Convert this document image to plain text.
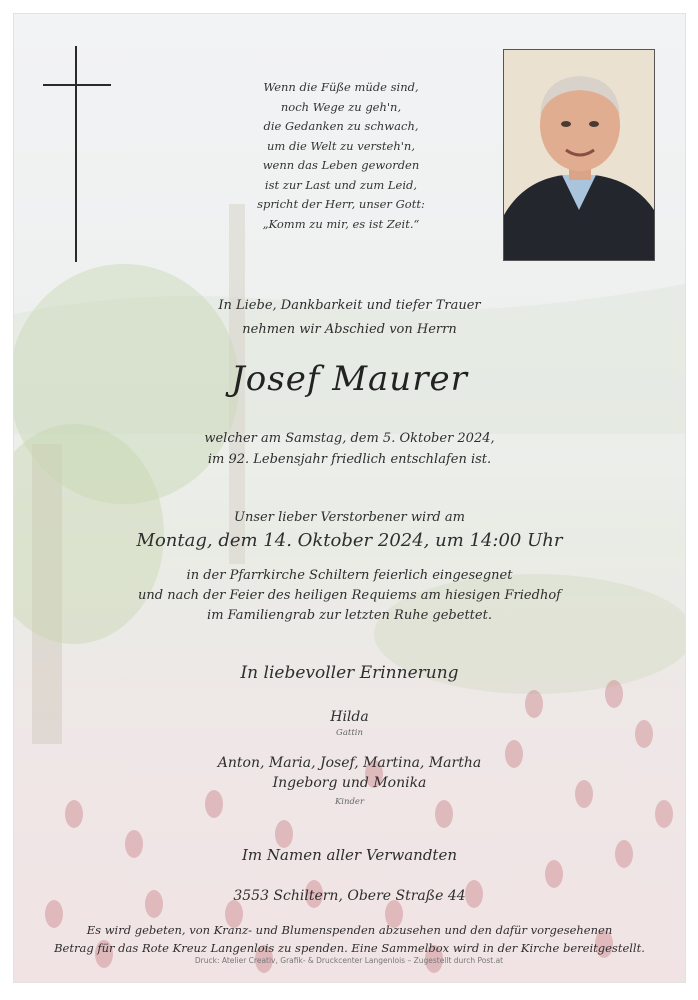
Wenn die Füße müde sind,
noch Wege zu geh'n,
die Gedanken zu schwach,
um die Welt zu versteh'n,
wenn das Leben geworden
ist zur Last und zum Leid,
spricht der Herr, unser Gott:
„Komm zu mir, es ist Zeit.“
In Liebe, Dankbarkeit und tiefer Trauer
nehmen wir Abschied von Herrn
Josef Maurer
welcher am Samstag, dem 5. Oktober 2024,
im 92. Lebensjahr friedlich entschlafen ist.
Unser lieber Verstorbener wird am
Montag, dem 14. Oktober 2024, um 14:00 Uhr
in der Pfarrkirche Schiltern feierlich eingesegnet
und nach der Feier des heiligen Requiems am hiesigen Friedhof
im Familiengrab zur letzten Ruhe gebettet.
In liebevoller Erinnerung
Hilda
Gattin
Anton, Maria, Josef, Martina, Martha
Ingeborg und Monika
Kinder
Im Namen aller Verwandten
3553 Schiltern, Obere Straße 44
Es wird gebeten, von Kranz- und Blumenspenden abzusehen und den dafür vorgesehenen
Betrag für das Rote Kreuz Langenlois zu spenden. Eine Sammelbox wird in der Kirche bereitgestellt.
Druck: Atelier Creativ, Grafik- & Druckcenter Langenlois – Zugestellt durch Post.at
